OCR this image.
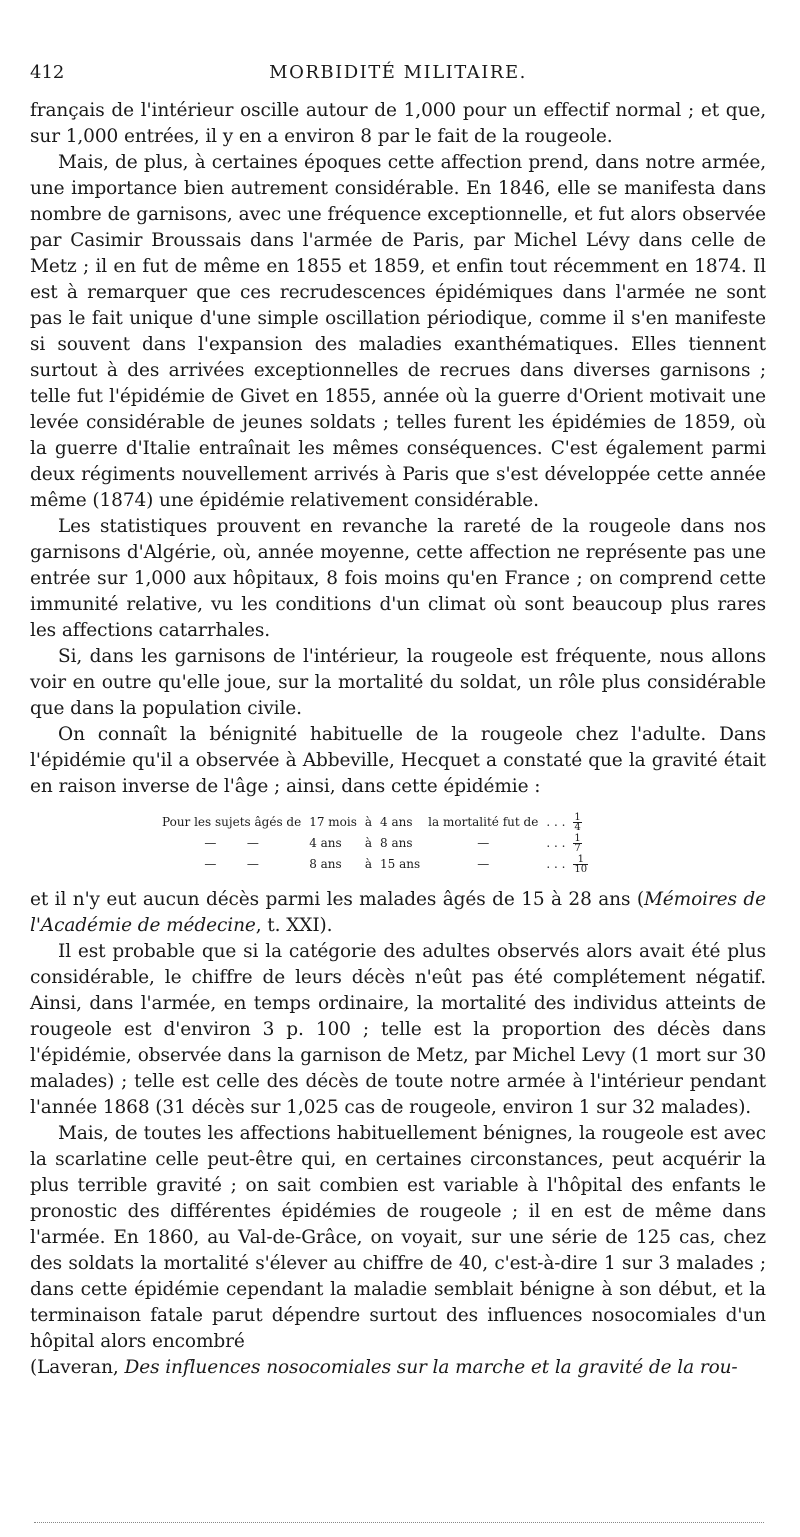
412	MORBIDITÉ MILITAIRE.

français de l'intérieur oscille autour de 1,000 pour un effectif normal ; et que, sur 1,000 entrées, il y en a environ 8 par le fait de la rougeole.

Mais, de plus, à certaines époques cette affection prend, dans notre armée, une importance bien autrement considérable. En 1846, elle se manifesta dans nombre de garnisons, avec une fréquence exceptionnelle, et fut alors observée par Casimir Broussais dans l'armée de Paris, par Michel Lévy dans celle de Metz ; il en fut de même en 1855 et 1859, et enfin tout récemment en 1874. Il est à remarquer que ces recrudescences épidémiques dans l'armée ne sont pas le fait unique d'une simple oscillation périodique, comme il s'en manifeste si souvent dans l'expansion des maladies exanthématiques. Elles tiennent surtout à des arrivées exceptionnelles de recrues dans diverses garnisons ; telle fut l'épidémie de Givet en 1855, année où la guerre d'Orient motivait une levée considérable de jeunes soldats ; telles furent les épidémies de 1859, où la guerre d'Italie entraînait les mêmes conséquences. C'est également parmi deux régiments nouvellement arrivés à Paris que s'est développée cette année même (1874) une épidémie relativement considérable.

Les statistiques prouvent en revanche la rareté de la rougeole dans nos garnisons d'Algérie, où, année moyenne, cette affection ne représente pas une entrée sur 1,000 aux hôpitaux, 8 fois moins qu'en France ; on comprend cette immunité relative, vu les conditions d'un climat où sont beaucoup plus rares les affections catarrhales.

Si, dans les garnisons de l'intérieur, la rougeole est fréquente, nous allons voir en outre qu'elle joue, sur la mortalité du soldat, un rôle plus considérable que dans la population civile.

On connaît la bénignité habituelle de la rougeole chez l'adulte. Dans l'épidémie qu'il a observée à Abbeville, Hecquet a constaté que la gravité était en raison inverse de l'âge ; ainsi, dans cette épidémie :

Pour les sujets âgés de	17 mois	à	4 ans	la mortalité fut de	. . .	$\frac{1}{4}$

— —	4 ans	à	8 ans	—	. . .	$\frac{1}{7}$

— —	8 ans	à	15 ans	—	. . .	$\frac{1}{10}$

et il n'y eut aucun décès parmi les malades âgés de 15 à 28 ans (Mémoires de l'Académie de médecine, t. XXI).

Il est probable que si la catégorie des adultes observés alors avait été plus considérable, le chiffre de leurs décès n'eût pas été complétement négatif. Ainsi, dans l'armée, en temps ordinaire, la mortalité des individus atteints de rougeole est d'environ 3 p. 100 ; telle est la proportion des décès dans l'épidémie, observée dans la garnison de Metz, par Michel Levy (1 mort sur 30 malades) ; telle est celle des décès de toute notre armée à l'intérieur pendant l'année 1868 (31 décès sur 1,025 cas de rougeole, environ 1 sur 32 malades).

Mais, de toutes les affections habituellement bénignes, la rougeole est avec la scarlatine celle peut-être qui, en certaines circonstances, peut acquérir la plus terrible gravité ; on sait combien est variable à l'hôpital des enfants le pronostic des différentes épidémies de rougeole ; il en est de même dans l'armée. En 1860, au Val-de-Grâce, on voyait, sur une série de 125 cas, chez des soldats la mortalité s'élever au chiffre de 40, c'est-à-dire 1 sur 3 malades ; dans cette épidémie cependant la maladie semblait bénigne à son début, et la terminaison fatale parut dépendre surtout des influences nosocomiales d'un hôpital alors encombré

(Laveran, Des influences nosocomiales sur la marche et la gravité de la rou-
